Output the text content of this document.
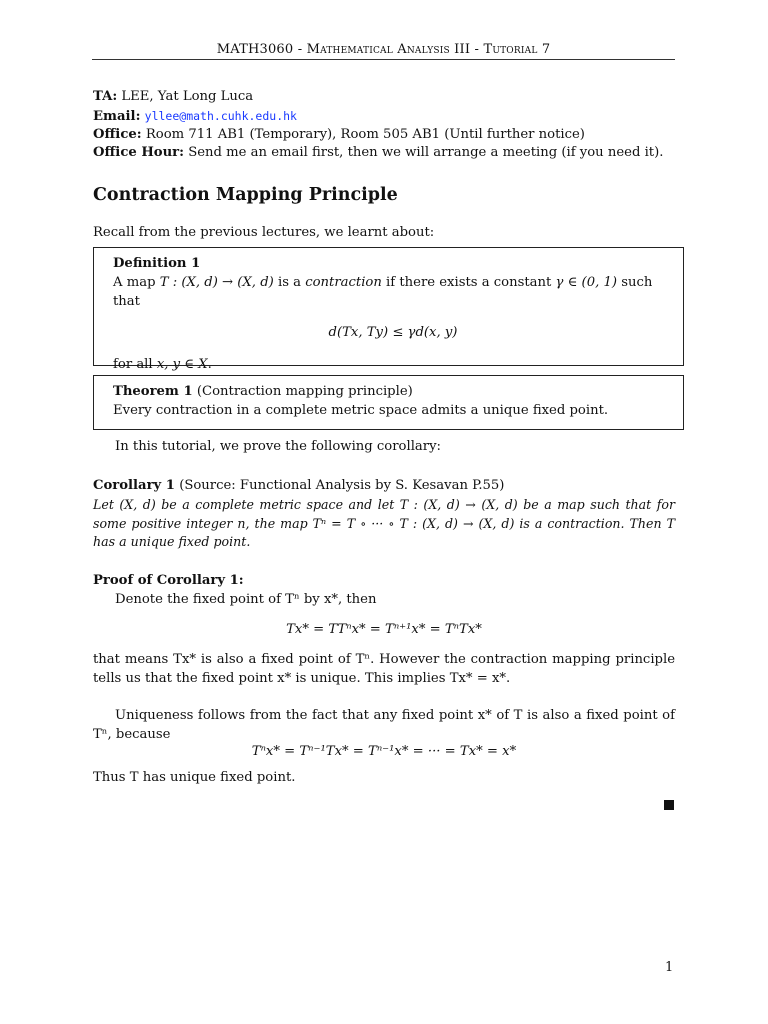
MATH3060 - Mathematical Analysis III - Tutorial 7
TA: LEE, Yat Long Luca
Email: yllee@math.cuhk.edu.hk
Office: Room 711 AB1 (Temporary), Room 505 AB1 (Until further notice)
Office Hour: Send me an email first, then we will arrange a meeting (if you need it).
Contraction Mapping Principle
Recall from the previous lectures, we learnt about:
Definition 1
A map T : (X, d) → (X, d) is a contraction if there exists a constant γ ∈ (0, 1) such that
d(Tx, Ty) ≤ γd(x, y)
for all x, y ∈ X.
Theorem 1 (Contraction mapping principle)
Every contraction in a complete metric space admits a unique fixed point.
In this tutorial, we prove the following corollary:
Corollary 1 (Source: Functional Analysis by S. Kesavan P.55)
Let (X, d) be a complete metric space and let T : (X, d) → (X, d) be a map such that for some positive integer n, the map Tⁿ = T ∘ ··· ∘ T : (X, d) → (X, d) is a contraction. Then T has a unique fixed point.
Proof of Corollary 1:
Denote the fixed point of Tⁿ by x*, then
Tx* = TTⁿx* = Tⁿ⁺¹x* = TⁿTx*
that means Tx* is also a fixed point of Tⁿ. However the contraction mapping principle tells us that the fixed point x* is unique. This implies Tx* = x*.
Uniqueness follows from the fact that any fixed point x* of T is also a fixed point of Tⁿ, because
Tⁿx* = Tⁿ⁻¹Tx* = Tⁿ⁻¹x* = ··· = Tx* = x*
Thus T has unique fixed point.
1
